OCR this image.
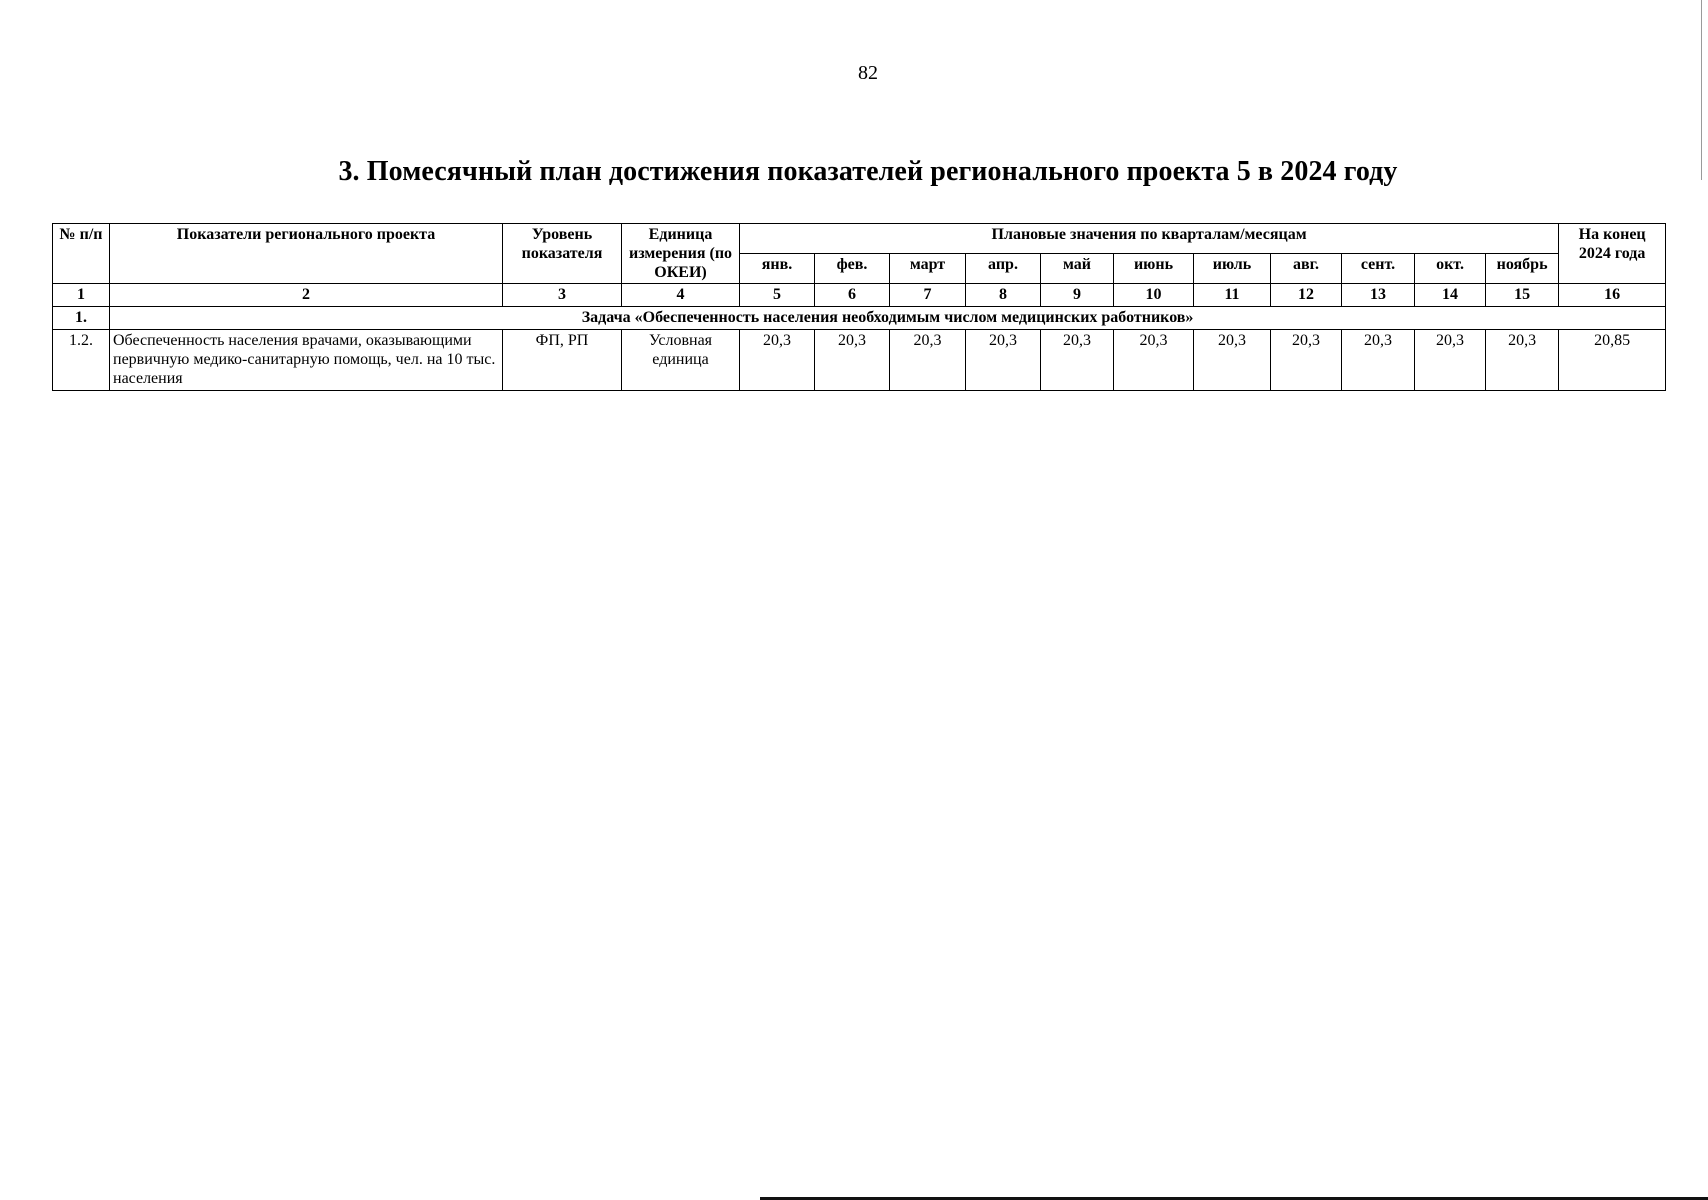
82
3. Помесячный план достижения показателей регионального проекта 5 в 2024 году
№ п/п	Показатели регионального проекта	Уровень показателя	Единица измерения (по ОКЕИ)	Плановые значения по кварталам/месяцам											На конец 2024 года
				янв.	фев.	март	апр.	май	июнь	июль	авг.	сент.	окт.	ноябрь	
1	2	3	4	5	6	7	8	9	10	11	12	13	14	15	16
1.	Задача «Обеспеченность населения необходимым числом медицинских работников»														
1.2.	Обеспеченность населения врачами, оказывающими первичную медико-санитарную помощь, чел. на 10 тыс. населения	ФП, РП	Условная единица	20,3	20,3	20,3	20,3	20,3	20,3	20,3	20,3	20,3	20,3	20,3	20,85
